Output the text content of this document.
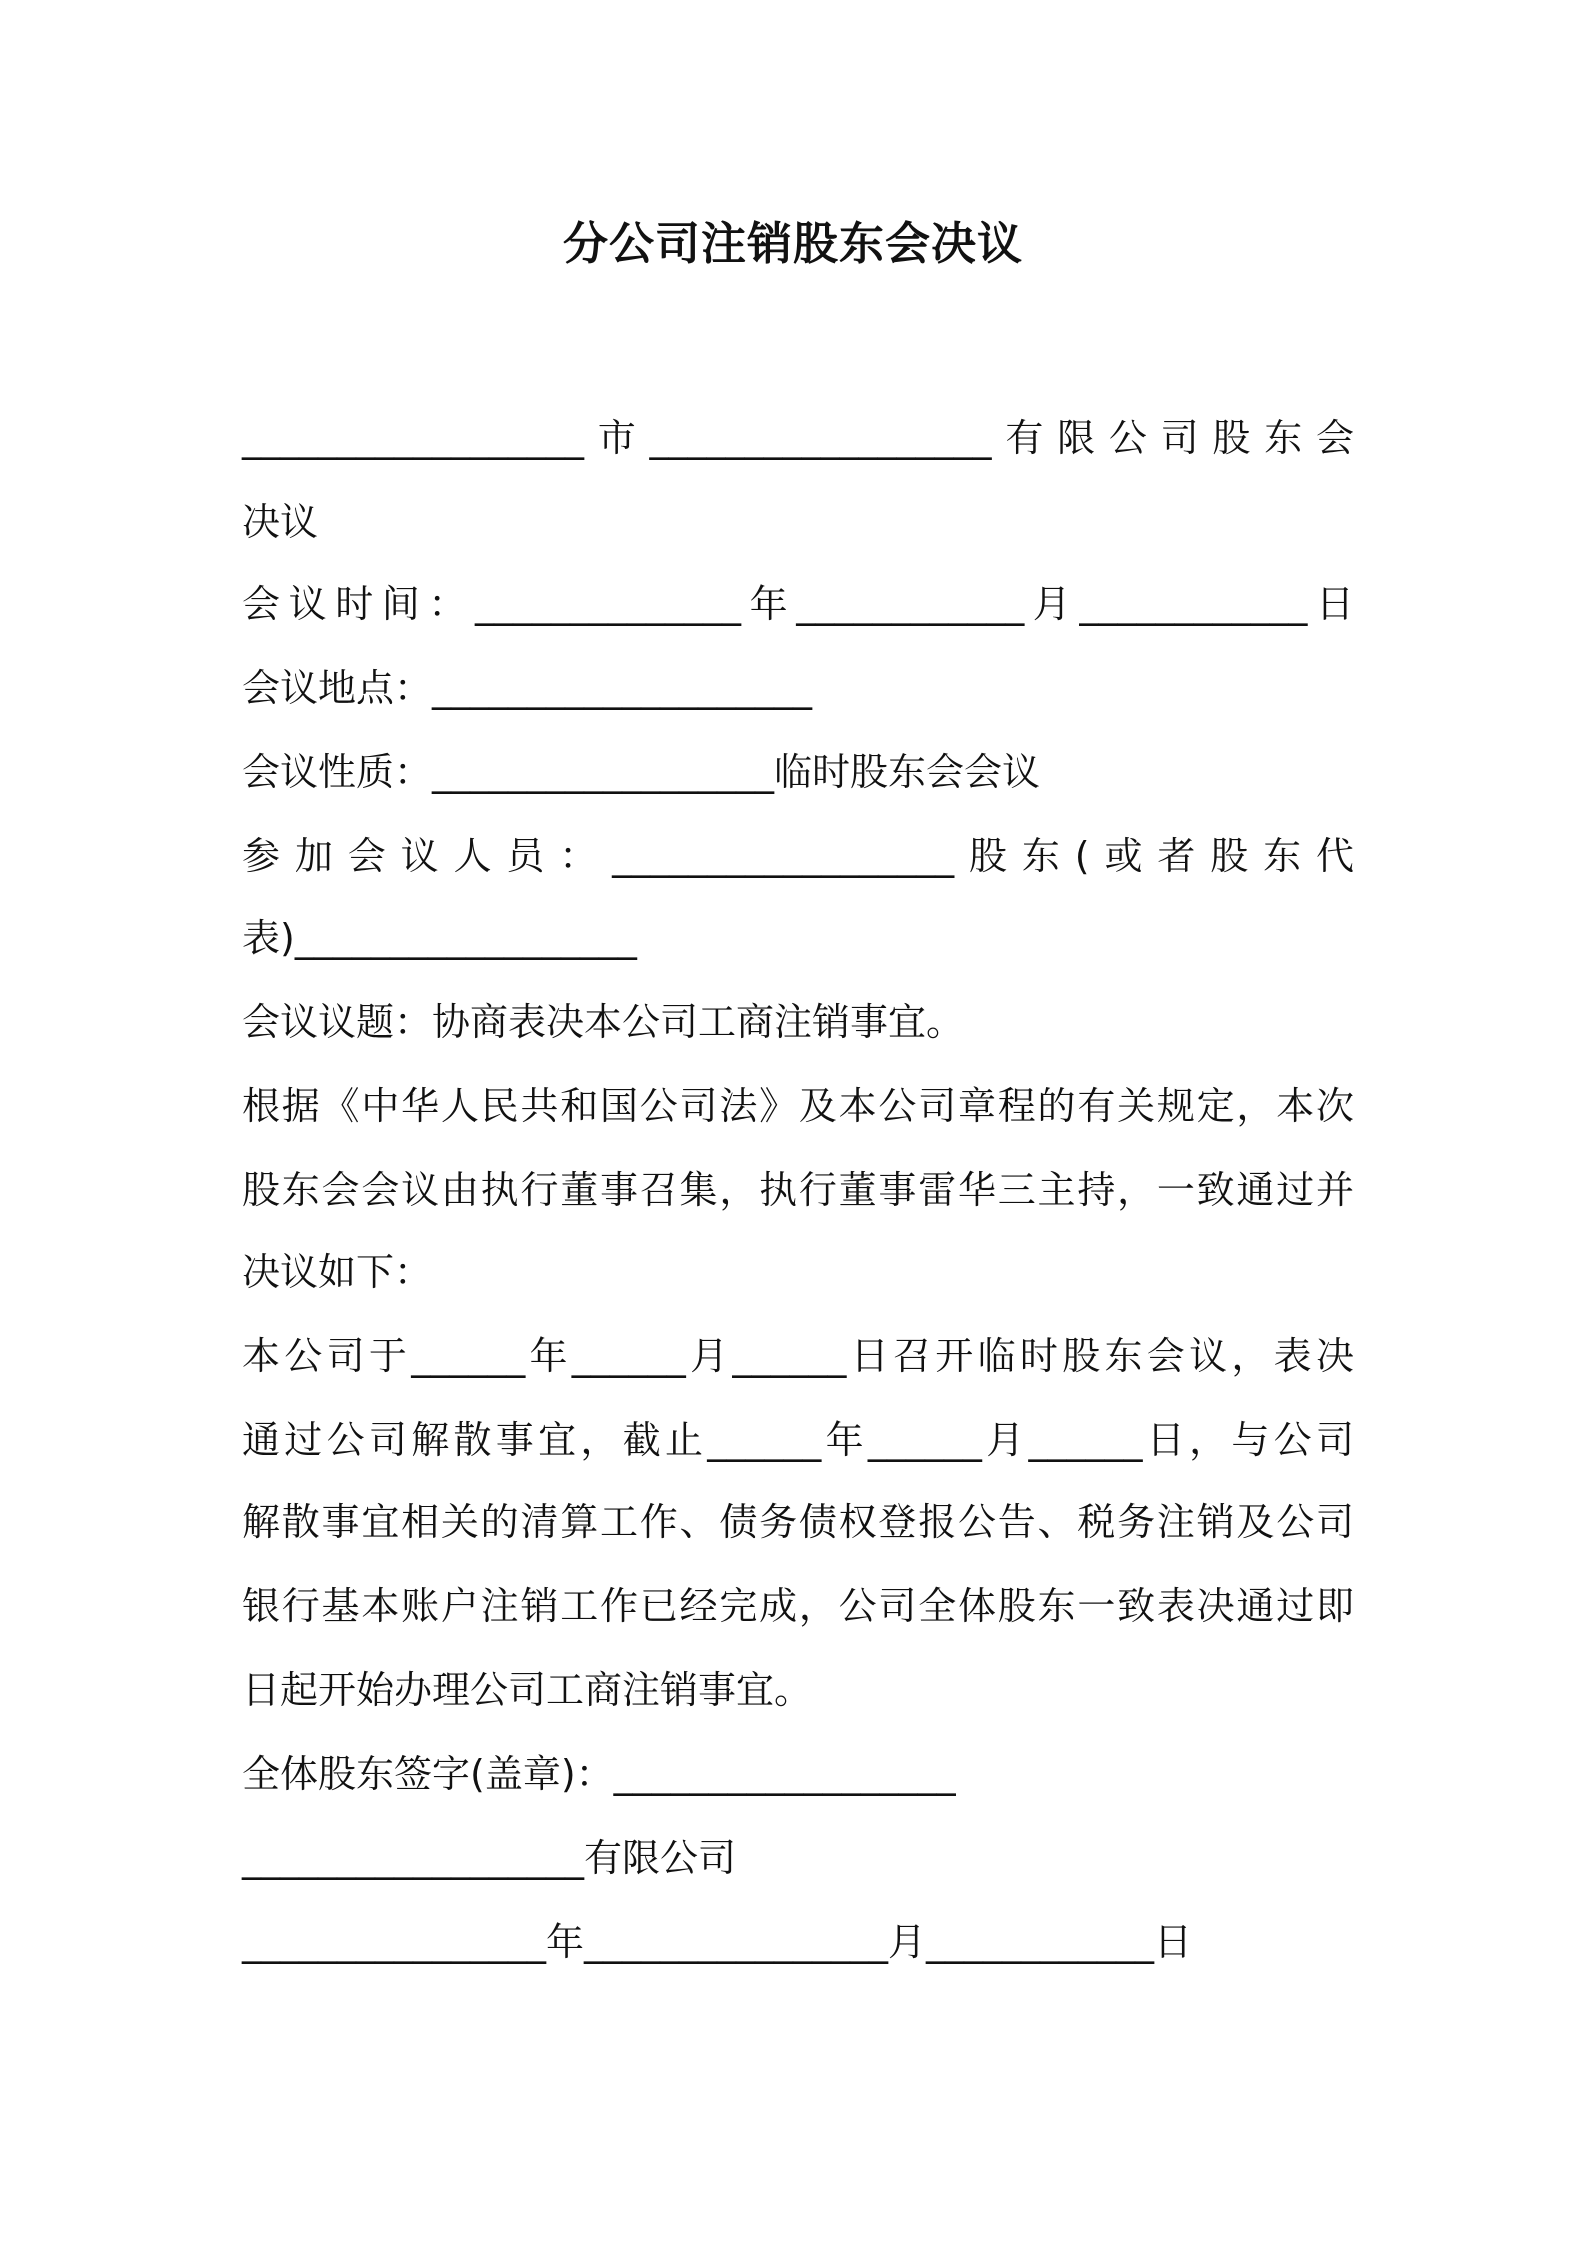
分公司注销股东会决议
__________________市__________________有限公司股东会
决议
会议时间：______________年____________月____________日
会议地点：____________________
会议性质：__________________临时股东会会议
参加会议人员：__________________股东(或者股东代
表)__________________
会议议题：协商表决本公司工商注销事宜。
根据《中华人民共和国公司法》及本公司章程的有关规定，本次
股东会会议由执行董事召集，执行董事雷华三主持，一致通过并
决议如下：
本公司于______年______月______日召开临时股东会议，表决
通过公司解散事宜，截止______年______月______日，与公司
解散事宜相关的清算工作、债务债权登报公告、税务注销及公司
银行基本账户注销工作已经完成，公司全体股东一致表决通过即
日起开始办理公司工商注销事宜。
全体股东签字(盖章)：__________________
__________________有限公司
________________年________________月____________日
